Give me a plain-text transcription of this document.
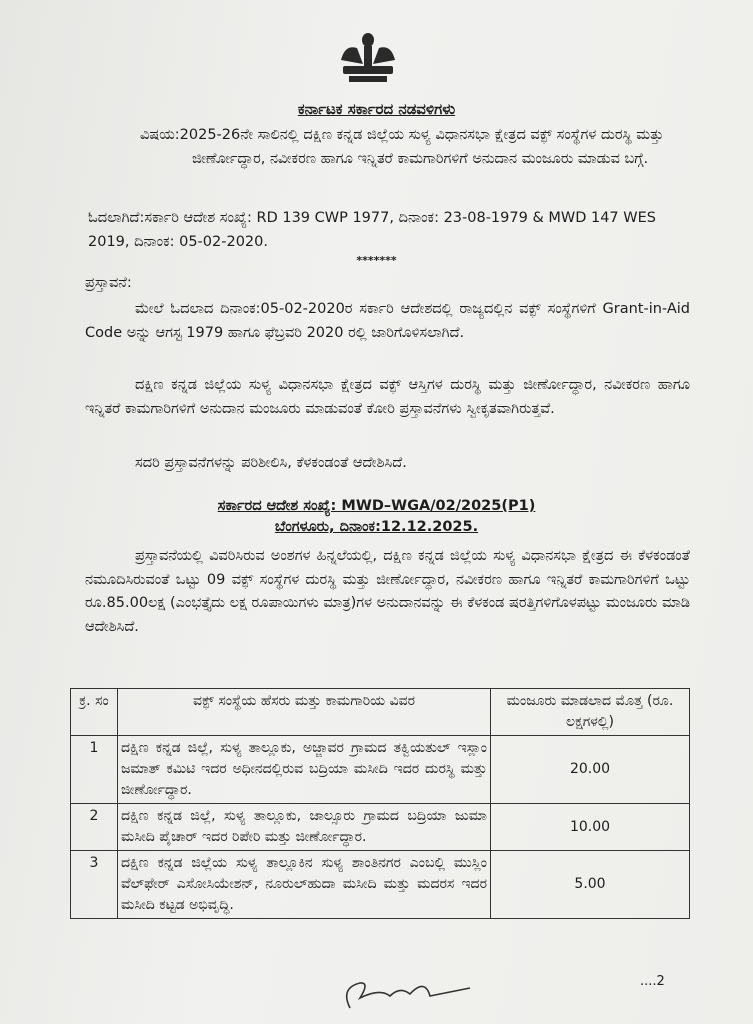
ಕರ್ನಾಟಕ ಸರ್ಕಾರದ ನಡವಳಿಗಳು
ವಿಷಯ:2025-26ನೇ ಸಾಲಿನಲ್ಲಿ ದಕ್ಷಿಣ ಕನ್ನಡ ಜಿಲ್ಲೆಯ ಸುಳ್ಯ ವಿಧಾನಸಭಾ ಕ್ಷೇತ್ರದ ವಕ್ಫ್ ಸಂಸ್ಥೆಗಳ ದುರಸ್ಥಿ ಮತ್ತು ಜೀರ್ಣೋದ್ಧಾರ, ನವೀಕರಣ ಹಾಗೂ ಇನ್ನಿತರೆ ಕಾಮಗಾರಿಗಳಿಗೆ ಅನುದಾನ ಮಂಜೂರು ಮಾಡುವ ಬಗ್ಗೆ.
ಓದಲಾಗಿದೆ:ಸರ್ಕಾರಿ ಆದೇಶ ಸಂಖ್ಯೆ: RD 139 CWP 1977, ದಿನಾಂಕ: 23-08-1979 & MWD 147 WES 2019, ದಿನಾಂಕ: 05-02-2020.
*******
ಪ್ರಸ್ತಾವನೆ:
ಮೇಲೆ ಓದಲಾದ ದಿನಾಂಕ:05-02-2020ರ ಸರ್ಕಾರಿ ಆದೇಶದಲ್ಲಿ ರಾಜ್ಯದಲ್ಲಿನ ವಕ್ಫ್ ಸಂಸ್ಥೆಗಳಿಗೆ Grant-in-Aid Code ಅನ್ನು ಆಗಸ್ಟ 1979 ಹಾಗೂ ಫೆಬ್ರವರಿ 2020 ರಲ್ಲಿ ಜಾರಿಗೊಳಿಸಲಾಗಿದೆ.
ದಕ್ಷಿಣ ಕನ್ನಡ ಜಿಲ್ಲೆಯ ಸುಳ್ಯ ವಿಧಾನಸಭಾ ಕ್ಷೇತ್ರದ ವಕ್ಫ್ ಆಸ್ತಿಗಳ ದುರಸ್ಥಿ ಮತ್ತು ಜೀರ್ಣೋದ್ಧಾರ, ನವೀಕರಣ ಹಾಗೂ ಇನ್ನಿತರೆ ಕಾಮಗಾರಿಗಳಿಗೆ ಅನುದಾನ ಮಂಜೂರು ಮಾಡುವಂತೆ ಕೋರಿ ಪ್ರಸ್ತಾವನೆಗಳು ಸ್ವೀಕೃತವಾಗಿರುತ್ತವೆ.
ಸದರಿ ಪ್ರಸ್ತಾವನೆಗಳನ್ನು ಪರಿಶೀಲಿಸಿ, ಕೆಳಕಂಡಂತೆ ಆದೇಶಿಸಿದೆ.
ಸರ್ಕಾರದ ಆದೇಶ ಸಂಖ್ಯೆ: MWD–WGA/02/2025(P1)
ಬೆಂಗಳೂರು, ದಿನಾಂಕ:12.12.2025.
ಪ್ರಸ್ತಾವನೆಯಲ್ಲಿ ವಿವರಿಸಿರುವ ಅಂಶಗಳ ಹಿನ್ನಲೆಯಲ್ಲಿ, ದಕ್ಷಿಣ ಕನ್ನಡ ಜಿಲ್ಲೆಯ ಸುಳ್ಯ ವಿಧಾನಸಭಾ ಕ್ಷೇತ್ರದ ಈ ಕೆಳಕಂಡಂತೆ ನಮೂದಿಸಿರುವಂತೆ ಒಟ್ಟು 09 ವಕ್ಫ್ ಸಂಸ್ಥೆಗಳ ದುರಸ್ಥಿ ಮತ್ತು ಜೀರ್ಣೋದ್ಧಾರ, ನವೀಕರಣ ಹಾಗೂ ಇನ್ನಿತರೆ ಕಾಮಗಾರಿಗಳಿಗೆ ಒಟ್ಟು ರೂ.85.00ಲಕ್ಷ (ಎಂಭತ್ತೈದು ಲಕ್ಷ ರೂಪಾಯಿಗಳು ಮಾತ್ರ)ಗಳ ಅನುದಾನವನ್ನು ಈ ಕೆಳಕಂಡ ಷರತ್ತಿಗಳಿಗೊಳಪಟ್ಟು ಮಂಜೂರು ಮಾಡಿ ಆದೇಶಿಸಿದೆ.
ಕ್ರ. ಸಂ	ವಕ್ಫ್ ಸಂಸ್ಥೆಯ ಹೆಸರು ಮತ್ತು ಕಾಮಗಾರಿಯ ವಿವರ	ಮಂಜೂರು ಮಾಡಲಾದ ಮೊತ್ತ (ರೂ. ಲಕ್ಷಗಳಲ್ಲಿ)
1	ದಕ್ಷಿಣ ಕನ್ನಡ ಜಿಲ್ಲೆ, ಸುಳ್ಯ ತಾಲ್ಲೂಕು, ಅಜ್ಜಾವರ ಗ್ರಾಮದ ತಕ್ವಿಯತುಲ್ ಇಸ್ಲಾಂ ಜಮಾತ್ ಕಮಿಟಿ ಇದರ ಅಧೀನದಲ್ಲಿರುವ ಬದ್ರಿಯಾ ಮಸೀದಿ ಇದರ ದುರಸ್ಥಿ ಮತ್ತು ಜೀರ್ಣೋದ್ಧಾರ.	20.00
2	ದಕ್ಷಿಣ ಕನ್ನಡ ಜಿಲ್ಲೆ, ಸುಳ್ಯ ತಾಲ್ಲೂಕು, ಜಾಲ್ಸೂರು ಗ್ರಾಮದ ಬದ್ರಿಯಾ ಜುಮಾ ಮಸೀದಿ ಪೈಚಾರ್ ಇದರ ರಿಪೇರಿ ಮತ್ತು ಜೀರ್ಣೋದ್ಧಾರ.	10.00
3	ದಕ್ಷಿಣ ಕನ್ನಡ ಜಿಲ್ಲೆಯ ಸುಳ್ಯ ತಾಲ್ಲೂಕಿನ ಸುಳ್ಯ ಶಾಂತಿನಗರ ಎಂಬಲ್ಲಿ ಮುಸ್ಲಿಂ ವೆಲ್‌ಫೇರ್ ಎಸೋಸಿಯೇಶನ್, ನೂರುಲ್‌ಹುದಾ ಮಸೀದಿ ಮತ್ತು ಮದರಸ ಇದರ ಮಸೀದಿ ಕಟ್ಟಡ ಅಭಿವೃದ್ಧಿ.	5.00
....2
